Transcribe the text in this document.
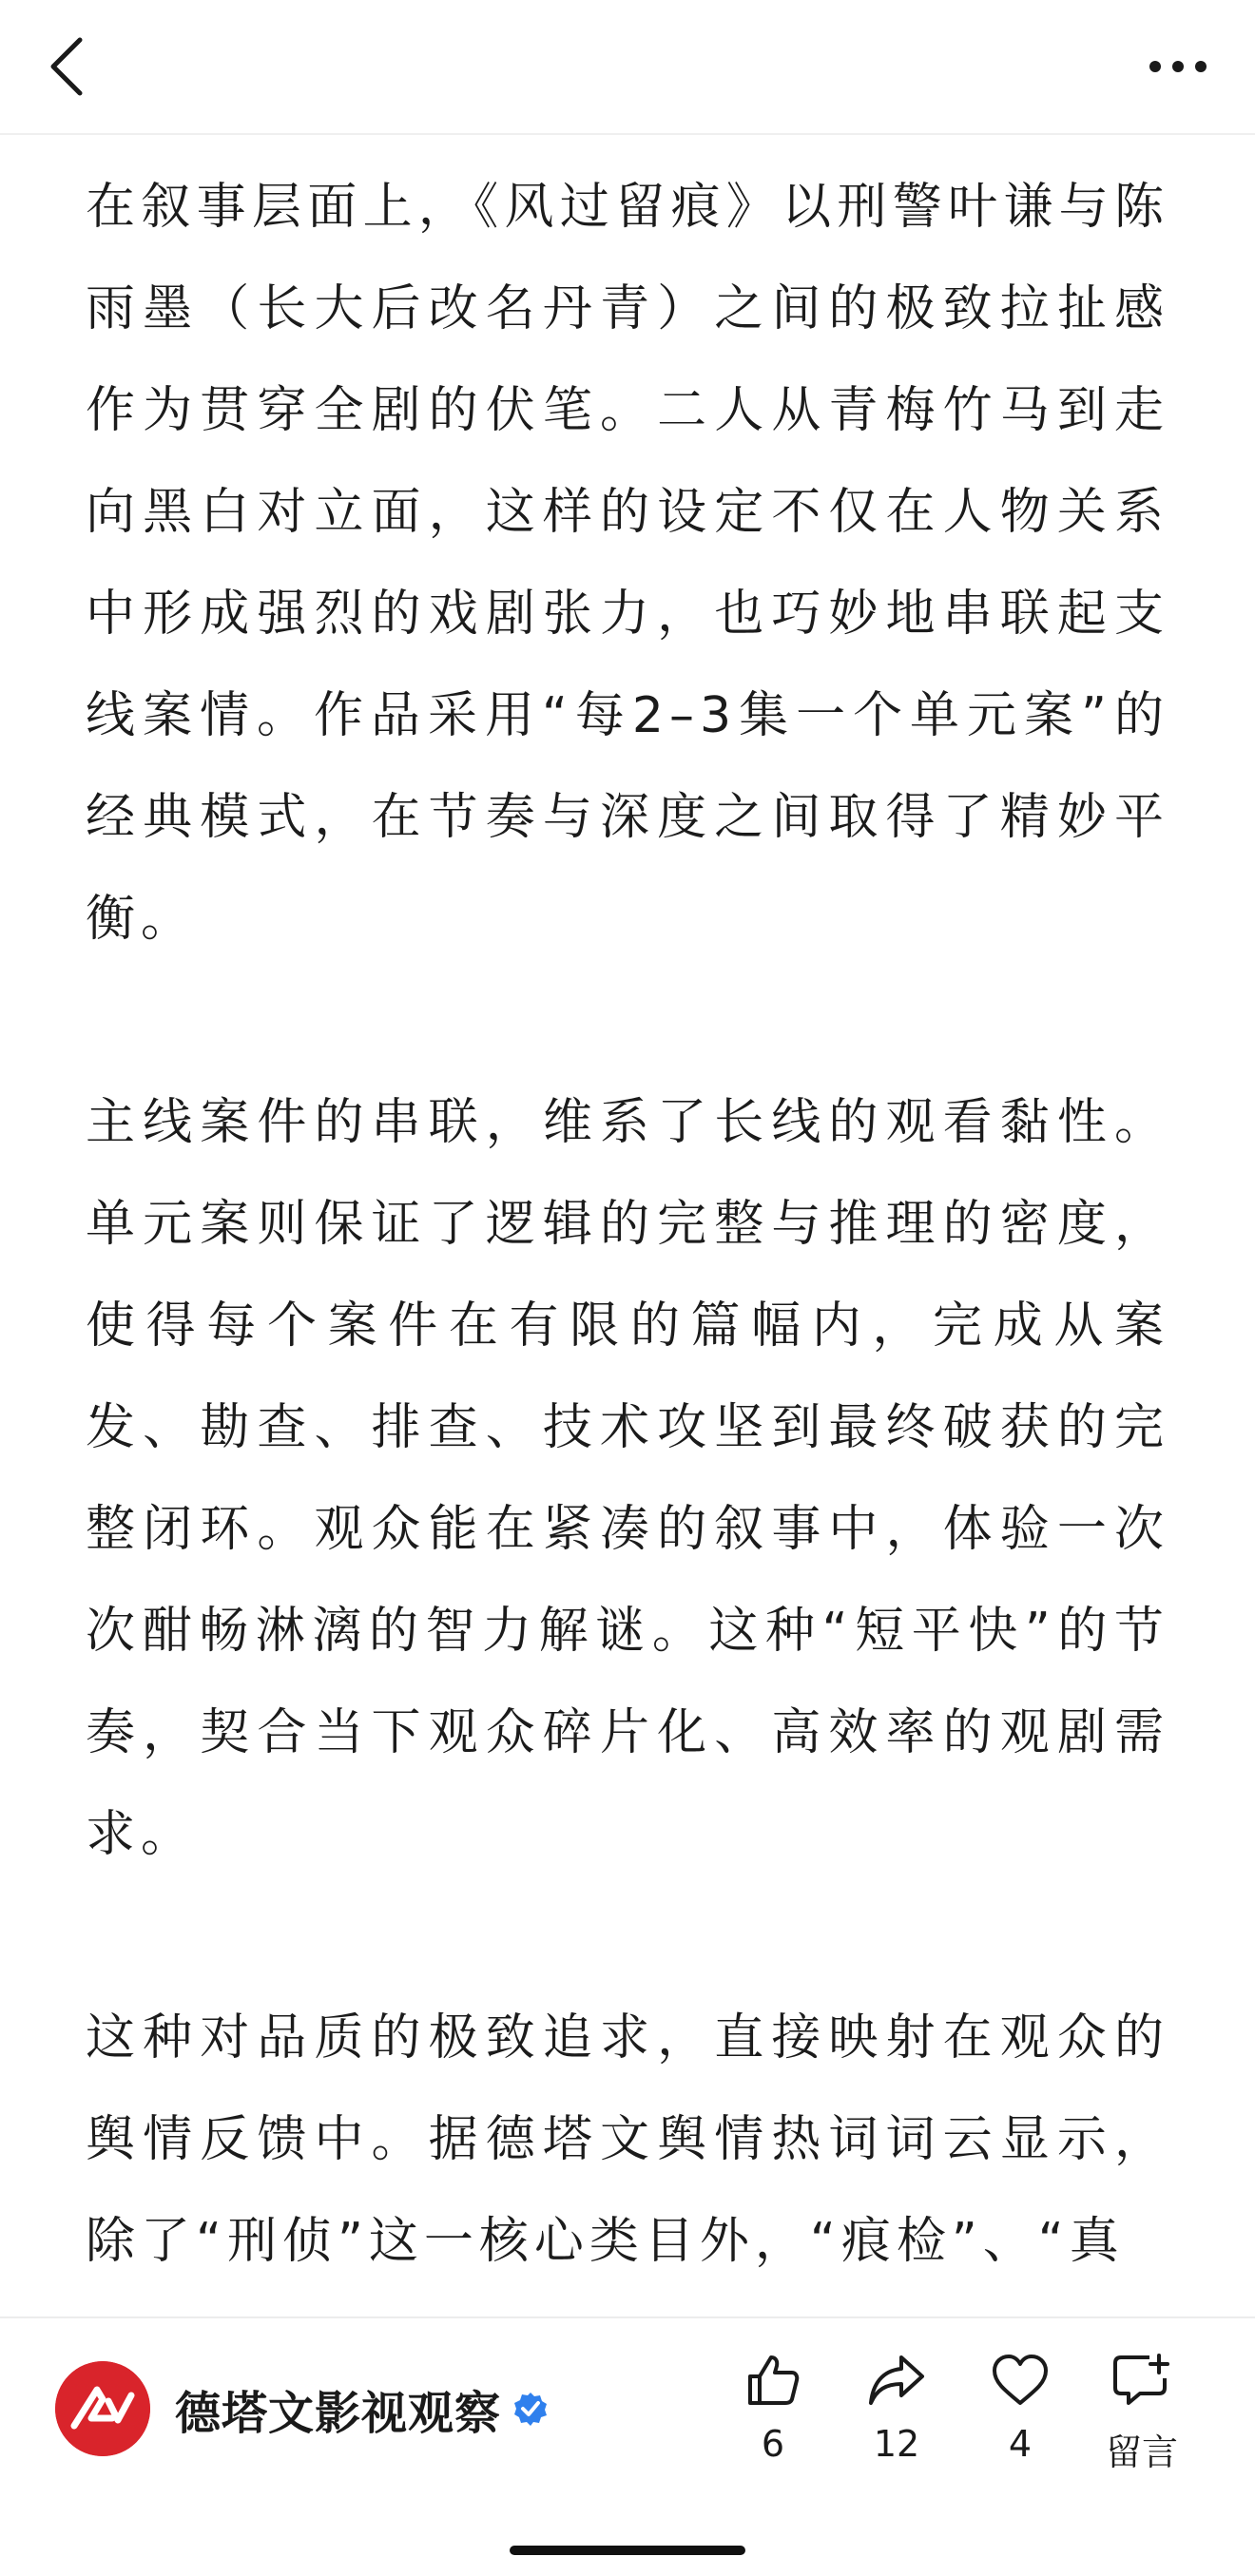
在叙事层面上，《风过留痕》以刑警叶谦与陈雨墨（长大后改名丹青）之间的极致拉扯感作为贯穿全剧的伏笔。二人从青梅竹马到走向黑白对立面，这样的设定不仅在人物关系中形成强烈的戏剧张力，也巧妙地串联起支线案情。作品采用“每2–3集一个单元案”的经典模式，在节奏与深度之间取得了精妙平衡。

主线案件的串联，维系了长线的观看黏性。单元案则保证了逻辑的完整与推理的密度，使得每个案件在有限的篇幅内，完成从案发、勘查、排查、技术攻坚到最终破获的完整闭环。观众能在紧凑的叙事中，体验一次次酣畅淋漓的智力解谜。这种“短平快”的节奏，契合当下观众碎片化、高效率的观剧需求。

这种对品质的极致追求，直接映射在观众的舆情反馈中。据德塔文舆情热词词云显示，除了“刑侦”这一核心类目外，“痕检”、“真

德塔文影视观察
6	12	4	留言
